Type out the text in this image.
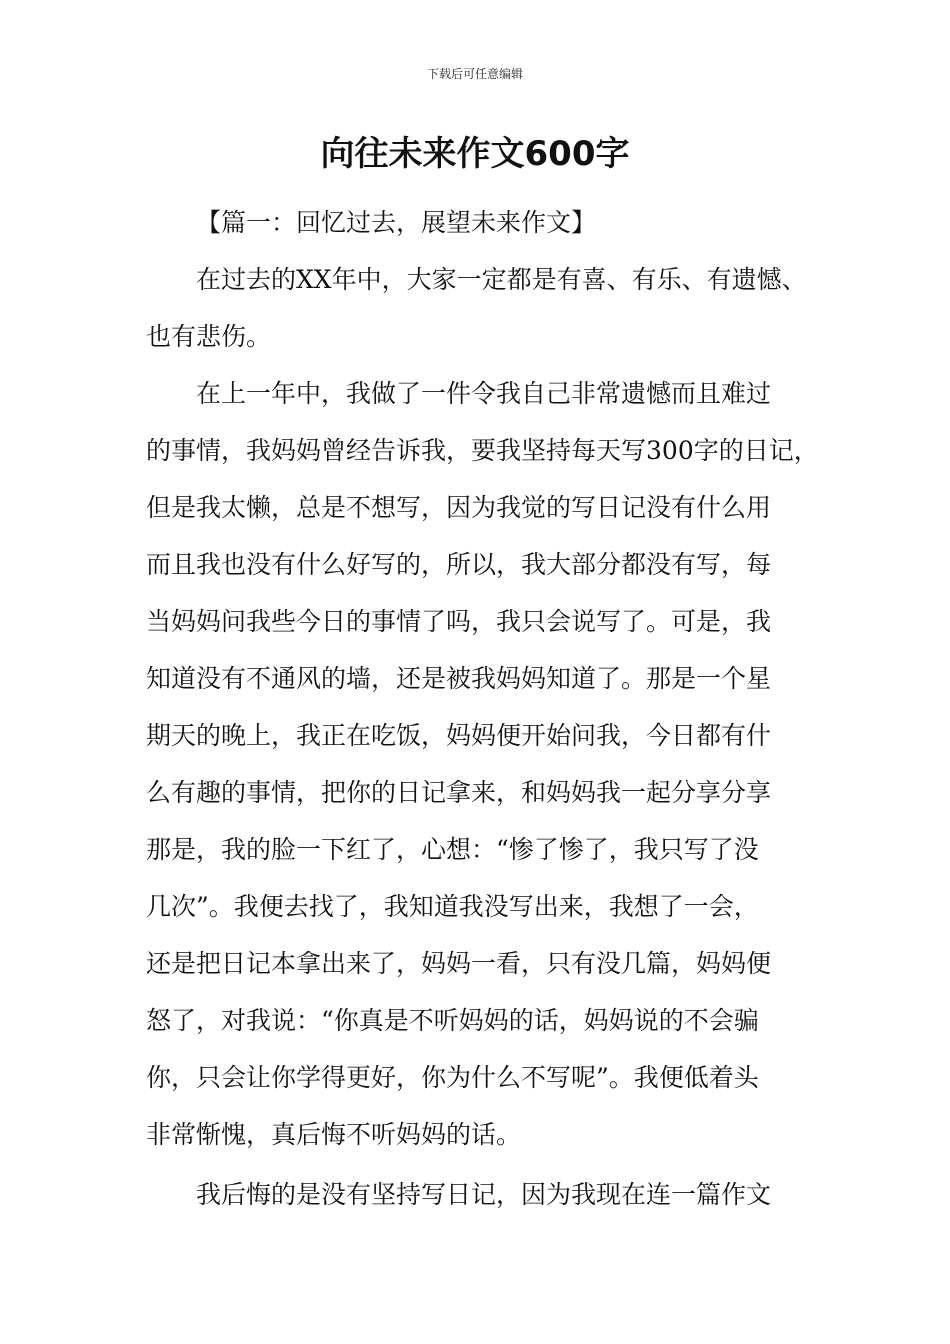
下载后可任意编辑
向往未来作文600字
【篇一：回忆过去，展望未来作文】
在过去的XX年中，大家一定都是有喜、有乐、有遗憾、
也有悲伤。
在上一年中，我做了一件令我自己非常遗憾而且难过
的事情，我妈妈曾经告诉我，要我坚持每天写300字的日记，
但是我太懒，总是不想写，因为我觉的写日记没有什么用
而且我也没有什么好写的，所以，我大部分都没有写，每
当妈妈问我些今日的事情了吗，我只会说写了。可是，我
知道没有不通风的墙，还是被我妈妈知道了。那是一个星
期天的晚上，我正在吃饭，妈妈便开始问我，今日都有什
么有趣的事情，把你的日记拿来，和妈妈我一起分享分享
那是，我的脸一下红了，心想：“惨了惨了，我只写了没
几次”。我便去找了，我知道我没写出来，我想了一会，
还是把日记本拿出来了，妈妈一看，只有没几篇，妈妈便
怒了，对我说：“你真是不听妈妈的话，妈妈说的不会骗
你，只会让你学得更好，你为什么不写呢”。我便低着头
非常惭愧，真后悔不听妈妈的话。
我后悔的是没有坚持写日记，因为我现在连一篇作文
